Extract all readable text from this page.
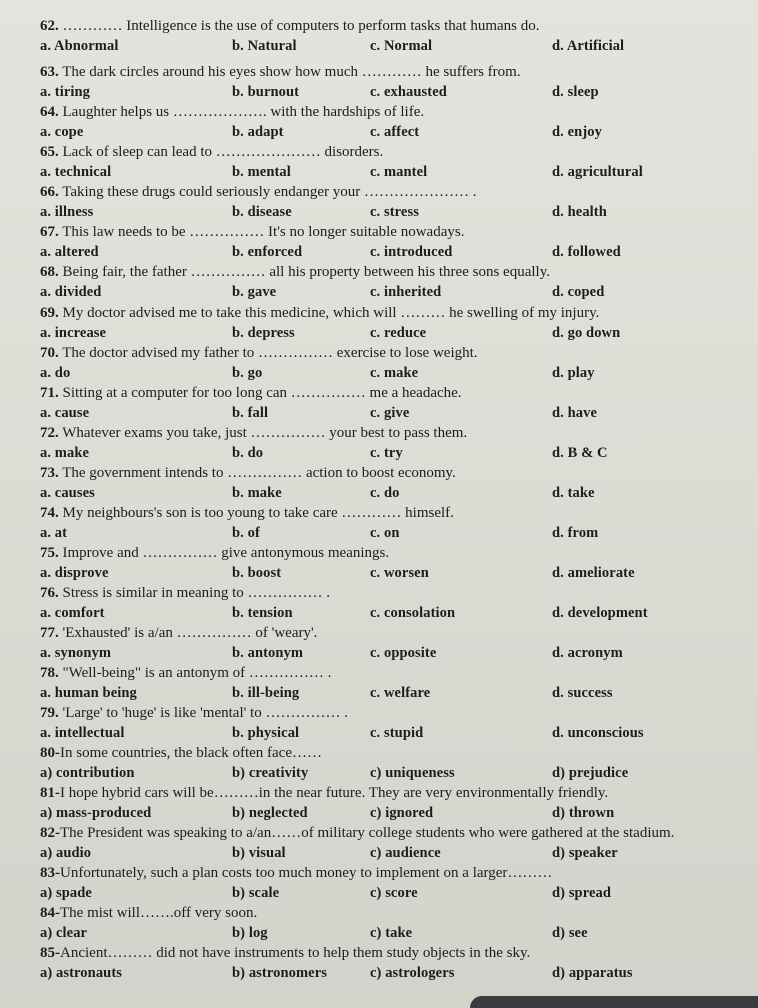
62. ………… Intelligence is the use of computers to perform tasks that humans do.
a. Abnormal	b. Natural	c. Normal	d. Artificial
63. The dark circles around his eyes show how much ………… he suffers from.
a. tiring	b. burnout	c. exhausted	d. sleep
64. Laughter helps us ………………. with the hardships of life.
a. cope	b. adapt	c. affect	d. enjoy
65. Lack of sleep can lead to ………………… disorders.
a. technical	b. mental	c. mantel	d. agricultural
66. Taking these drugs could seriously endanger your ………………… .
a. illness	b. disease	c. stress	d. health
67. This law needs to be …………… It's no longer suitable nowadays.
a. altered	b. enforced	c. introduced	d. followed
68. Being fair, the father …………… all his property between his three sons equally.
a. divided	b. gave	c. inherited	d. coped
69. My doctor advised me to take this medicine, which will ……… he swelling of my injury.
a. increase	b. depress	c. reduce	d. go down
70. The doctor advised my father to …………… exercise to lose weight.
a. do	b. go	c. make	d. play
71. Sitting at a computer for too long can …………… me a headache.
a. cause	b. fall	c. give	d. have
72. Whatever exams you take, just …………… your best to pass them.
a. make	b. do	c. try	d. B & C
73. The government intends to …………… action to boost economy.
a. causes	b. make	c. do	d. take
74. My neighbours's son is too young to take care ………… himself.
a. at	b. of	c. on	d. from
75. Improve and …………… give antonymous meanings.
a. disprove	b. boost	c. worsen	d. ameliorate
76. Stress is similar in meaning to …………… .
a. comfort	b. tension	c. consolation	d. development
77. 'Exhausted' is a/an …………… of 'weary'.
a. synonym	b. antonym	c. opposite	d. acronym
78. "Well-being" is an antonym of …………… .
a. human being	b. ill-being	c. welfare	d. success
79. 'Large' to 'huge' is like 'mental' to …………… .
a. intellectual	b. physical	c. stupid	d. unconscious
80-In some countries, the black often face……
a) contribution	b) creativity	c) uniqueness	d) prejudice
81-I hope hybrid cars will be………in the near future. They are very environmentally friendly.
a) mass-produced	b) neglected	c) ignored	d) thrown
82-The President was speaking to a/an……of military college students who were gathered at the stadium.
a) audio	b) visual	c) audience	d) speaker
83-Unfortunately, such a plan costs too much money to implement on a larger………
a) spade	b) scale	c) score	d) spread
84-The mist will…….off very soon.
a) clear	b) log	c) take	d) see
85-Ancient……… did not have instruments to help them study objects in the sky.
a) astronauts	b) astronomers	c) astrologers	d) apparatus
